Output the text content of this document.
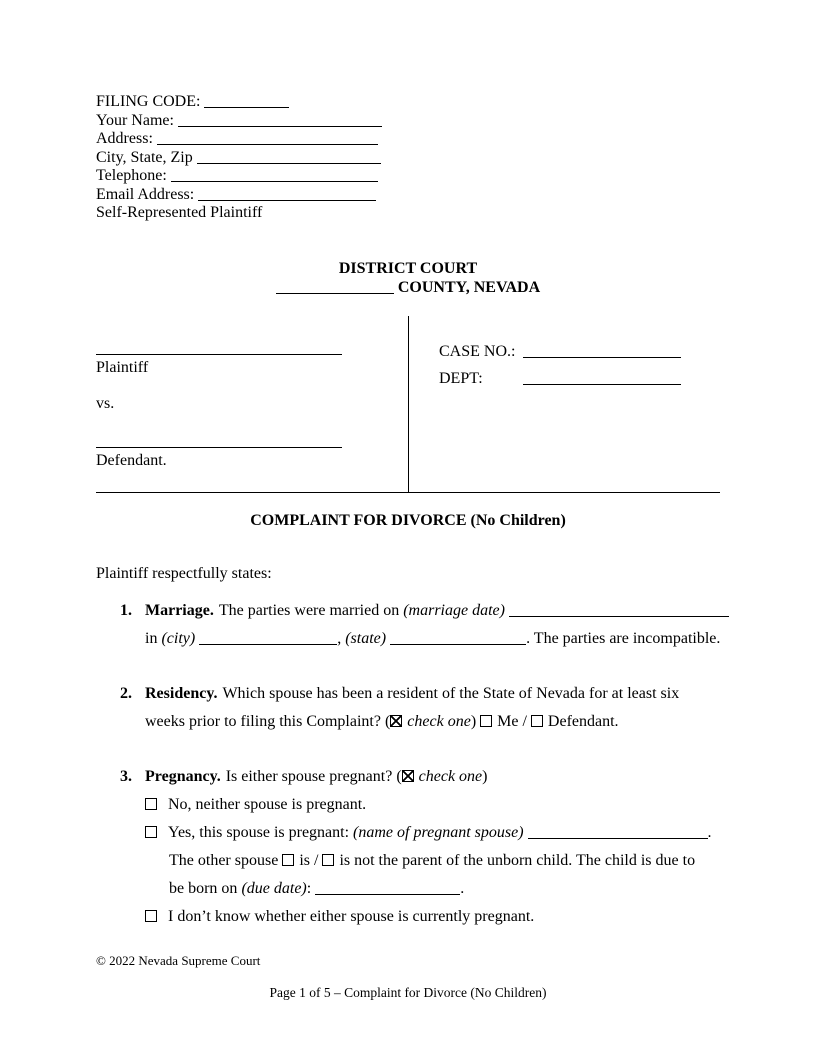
FILING CODE:
Your Name:
Address:
City, State, Zip
Telephone:
Email Address:
Self-Represented Plaintiff
DISTRICT COURT
COUNTY, NEVADA
Plaintiff
vs.
Defendant.
CASE NO.:
DEPT:
COMPLAINT FOR DIVORCE (No Children)
Plaintiff respectfully states:
1. Marriage. The parties were married on (marriage date)
in (city)	, (state)	. The parties are incompatible.
2. Residency. Which spouse has been a resident of the State of Nevada for at least six
weeks prior to filing this Complaint? ( check one) Me / Defendant.
3. Pregnancy. Is either spouse pregnant? ( check one)
No, neither spouse is pregnant.
Yes, this spouse is pregnant: (name of pregnant spouse)	.
The other spouse is / is not the parent of the unborn child. The child is due to
be born on (due date):	.
I don’t know whether either spouse is currently pregnant.
© 2022 Nevada Supreme Court
Page 1 of 5 – Complaint for Divorce (No Children)
